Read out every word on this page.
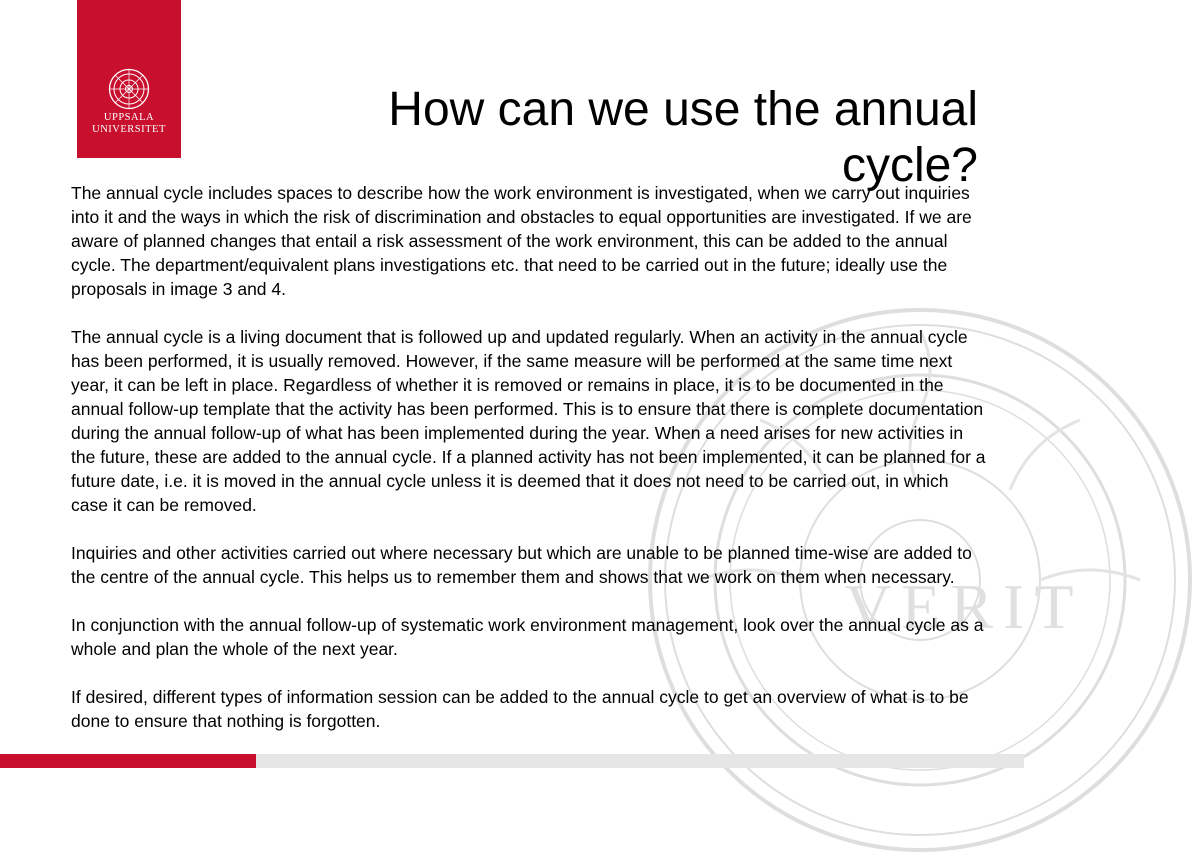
VERIT
UPPSALA
UNIVERSITET	How can we use the annual cycle?

The annual cycle includes spaces to describe how the work environment is investigated, when we carry out inquiries into it and the ways in which the risk of discrimination and obstacles to equal opportunities are investigated. If we are aware of planned changes that entail a risk assessment of the work environment, this can be added to the annual cycle. The department/equivalent plans investigations etc. that need to be carried out in the future; ideally use the proposals in image 3 and 4.

The annual cycle is a living document that is followed up and updated regularly. When an activity in the annual cycle has been performed, it is usually removed. However, if the same measure will be performed at the same time next year, it can be left in place. Regardless of whether it is removed or remains in place, it is to be documented in the annual follow-up template that the activity has been performed. This is to ensure that there is complete documentation during the annual follow-up of what has been implemented during the year. When a need arises for new activities in the future, these are added to the annual cycle. If a planned activity has not been implemented, it can be planned for a future date, i.e. it is moved in the annual cycle unless it is deemed that it does not need to be carried out, in which case it can be removed.

Inquiries and other activities carried out where necessary but which are unable to be planned time-wise are added to the centre of the annual cycle. This helps us to remember them and shows that we work on them when necessary.

In conjunction with the annual follow-up of systematic work environment management, look over the annual cycle as a whole and plan the whole of the next year.

If desired, different types of information session can be added to the annual cycle to get an overview of what is to be done to ensure that nothing is forgotten.
